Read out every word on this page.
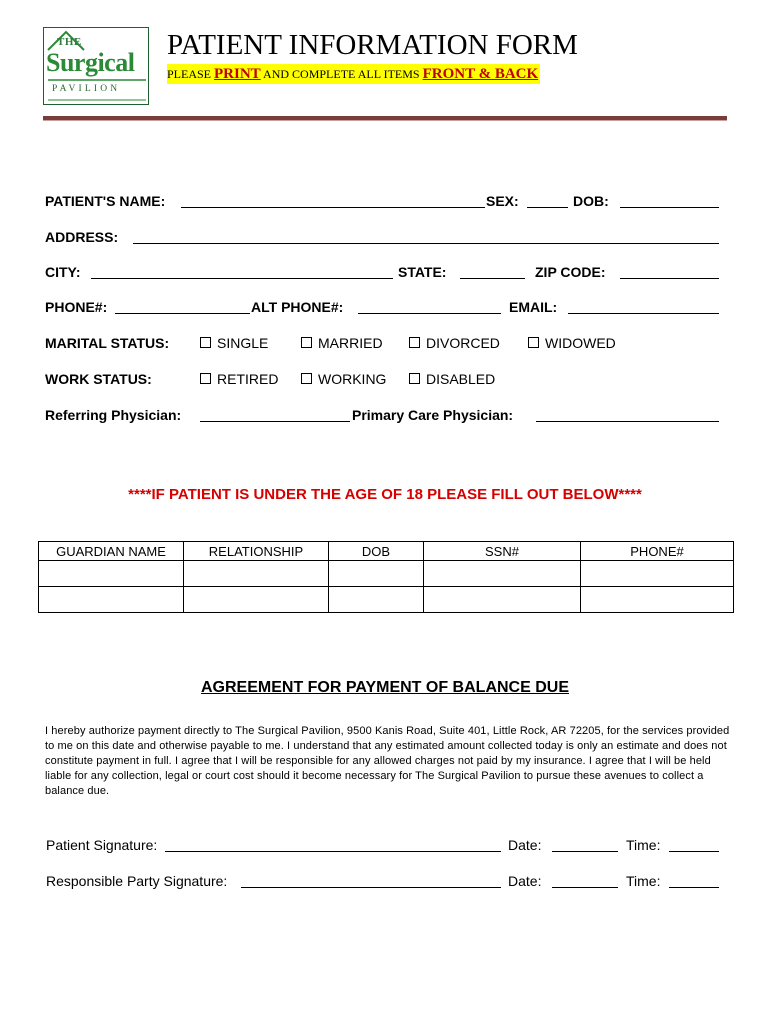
THE
Surgical
PAVILION
PATIENT INFORMATION FORM
PLEASE PRINT AND COMPLETE ALL ITEMS FRONT & BACK
PATIENT'S NAME:	SEX:	DOB:
ADDRESS:
CITY:	STATE:	ZIP CODE:
PHONE#:	ALT PHONE#:	EMAIL:
MARITAL STATUS:	SINGLE	MARRIED	DIVORCED	WIDOWED
WORK STATUS:	RETIRED	WORKING	DISABLED
Referring Physician:	Primary Care Physician:
****IF PATIENT IS UNDER THE AGE OF 18 PLEASE FILL OUT BELOW****
GUARDIAN NAME	RELATIONSHIP	DOB	SSN#	PHONE#

AGREEMENT FOR PAYMENT OF BALANCE DUE
I hereby authorize payment directly to The Surgical Pavilion, 9500 Kanis Road, Suite 401, Little Rock, AR 72205, for the services provided to me on this date and otherwise payable to me. I understand that any estimated amount collected today is only an estimate and does not constitute payment in full. I agree that I will be responsible for any allowed charges not paid by my insurance. I agree that I will be held liable for any collection, legal or court cost should it become necessary for The Surgical Pavilion to pursue these avenues to collect a balance due.
Patient Signature:	Date:	Time:
Responsible Party Signature:	Date:	Time:
